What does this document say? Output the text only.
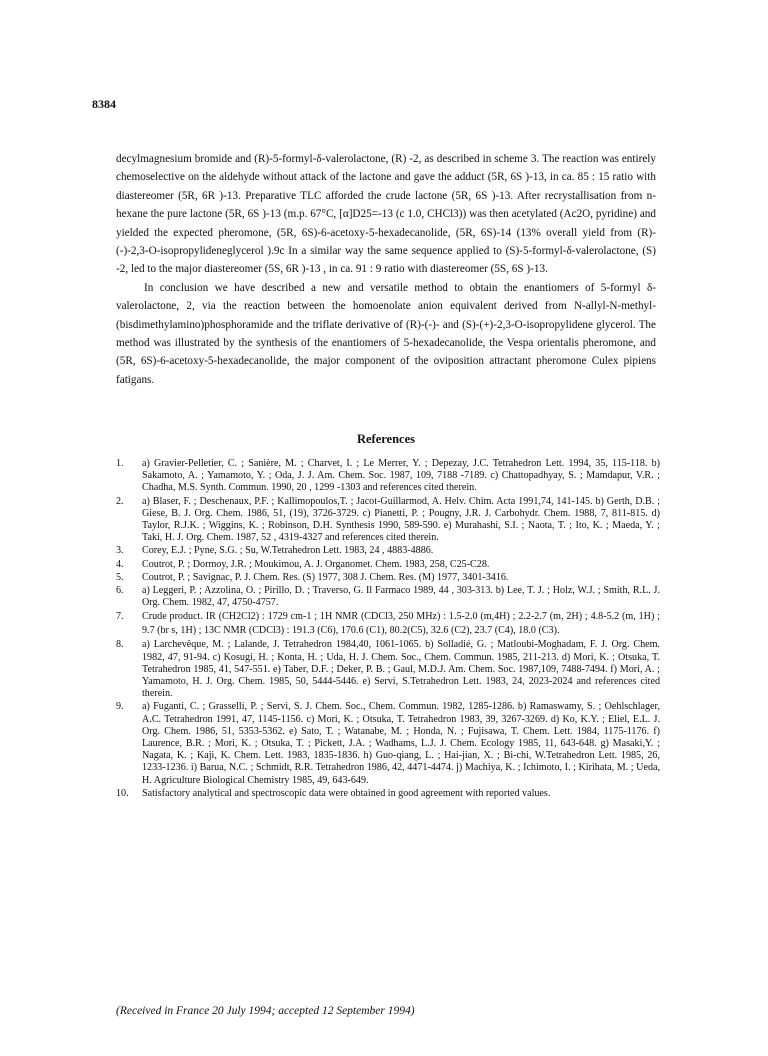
8384

decylmagnesium bromide and (R)-5-formyl-δ-valerolactone, (R) -2, as described in scheme 3. The reaction was entirely chemoselective on the aldehyde without attack of the lactone and gave the adduct (5R, 6S )-13, in ca. 85 : 15 ratio with diastereomer (5R, 6R )-13. Preparative TLC afforded the crude lactone (5R, 6S )-13. After recrystallisation from n-hexane the pure lactone (5R, 6S )-13 (m.p. 67°C, [α]D25=-13 (c 1.0, CHCl3)) was then acetylated (Ac2O, pyridine) and yielded the expected pheromone, (5R, 6S)-6-acetoxy-5-hexadecanolide, (5R, 6S)-14 (13% overall yield from (R)-(-)-2,3-O-isopropylideneglycerol ).9c In a similar way the same sequence applied to (S)-5-formyl-δ-valerolactone, (S) -2, led to the major diastereomer (5S, 6R )-13 , in ca. 91 : 9 ratio with diastereomer (5S, 6S )-13.

In conclusion we have described a new and versatile method to obtain the enantiomers of 5-formyl δ-valerolactone, 2, via the reaction between the homoenolate anion equivalent derived from N-allyl-N-methyl-(bisdimethylamino)phosphoramide and the triflate derivative of (R)-(-)- and (S)-(+)-2,3-O-isopropylidene glycerol. The method was illustrated by the synthesis of the enantiomers of 5-hexadecanolide, the Vespa orientalis pheromone, and (5R, 6S)-6-acetoxy-5-hexadecanolide, the major component of the oviposition attractant pheromone Culex pipiens fatigans.

References
1.	a) Gravier-Pelletier, C. ; Sanière, M. ; Charvet, I. ; Le Merrer, Y. ; Depezay, J.C. Tetrahedron Lett. 1994, 35, 115-118. b) Sakamoto, A. ; Yamamoto, Y. ; Oda, J. J. Am. Chem. Soc. 1987, 109, 7188 -7189. c) Chattopadhyay, S. ; Mamdapur, V.R. ; Chadha, M.S. Synth. Commun. 1990, 20 , 1299 -1303 and references cited therein.
2.	a) Blaser, F. ; Deschenaux, P.F. ; Kallimopoulos,T. ; Jacot-Guillarmod, A. Helv. Chim. Acta 1991,74, 141-145. b) Gerth, D.B. ; Giese, B. J. Org. Chem. 1986, 51, (19), 3726-3729. c) Pianetti, P. ; Pougny, J.R. J. Carbohydr. Chem. 1988, 7, 811-815. d) Taylor, R.J.K. ; Wiggins, K. ; Robinson, D.H. Synthesis 1990, 589-590. e) Murahashi, S.I. ; Naota, T. ; Ito, K. ; Maeda, Y. ; Taki, H. J. Org. Chem. 1987, 52 , 4319-4327 and references cited therein.
3.	Corey, E.J. ; Pyne, S.G. ; Su, W.Tetrahedron Lett. 1983, 24 , 4883-4886.
4.	Coutrot, P. ; Dormoy, J.R. ; Moukimou, A. J. Organomet. Chem. 1983, 258, C25-C28.
5.	Coutrot, P. ; Savignac, P. J. Chem. Res. (S) 1977, 308 J. Chem. Res. (M) 1977, 3401-3416.
6.	a) Leggeri, P. ; Azzolina, O. ; Pirillo, D. ; Traverso, G. Il Farmaco 1989, 44 , 303-313. b) Lee, T. J. ; Holz, W.J. ; Smith, R.L. J. Org. Chem. 1982, 47, 4750-4757.
7.	Crude product. IR (CH2Cl2) : 1729 cm-1 ; 1H NMR (CDCl3, 250 MHz) : 1.5-2.0 (m,4H) ; 2.2-2.7 (m, 2H) ; 4.8-5.2 (m, 1H) ; 9.7 (br s, 1H) ; 13C NMR (CDCl3) : 191.3 (C6), 170.6 (C1), 80.2(C5), 32.6 (C2), 23.7 (C4), 18.0 (C3).
8.	a) Larchevêque, M. ; Lalande, J. Tetrahedron 1984,40, 1061-1065. b) Solladié, G. ; Matloubi-Moghadam, F. J. Org. Chem. 1982, 47, 91-94. c) Kosugi, H. ; Konta, H. ; Uda, H. J. Chem. Soc., Chem. Commun. 1985, 211-213. d) Mori, K. ; Otsuka, T. Tetrahedron 1985, 41, 547-551. e) Taber, D.F. ; Deker, P. B. ; Gaul, M.D.J. Am. Chem. Soc. 1987,109, 7488-7494. f) Mori, A. ; Yamamoto, H. J. Org. Chem. 1985, 50, 5444-5446. e) Servi, S.Tetrahedron Lett. 1983, 24, 2023-2024 and references cited therein.
9.	a) Fuganti, C. ; Grasselli, P. ; Servi, S. J. Chem. Soc., Chem. Commun. 1982, 1285-1286. b) Ramaswamy, S. ; Oehlschlager, A.C. Tetrahedron 1991, 47, 1145-1156. c) Mori, K. ; Otsuka, T. Tetrahedron 1983, 39, 3267-3269. d) Ko, K.Y. ; Eliel, E.L. J. Org. Chem. 1986, 51, 5353-5362. e) Sato, T. ; Watanabe, M. ; Honda, N. ; Fujisawa, T. Chem. Lett. 1984, 1175-1176. f) Laurence, B.R. ; Mori, K. ; Otsuka, T. ; Pickett, J.A. ; Wadhams, L.J. J. Chem. Ecology 1985, 11, 643-648. g) Masaki,Y. ; Nagata, K. ; Kaji, K. Chem. Lett. 1983, 1835-1836. h) Guo-qiang, L. ; Hai-jian, X. ; Bi-chi, W.Tetrahedron Lett. 1985, 26, 1233-1236. i) Barua, N.C. ; Schmidt, R.R. Tetrahedron 1986, 42, 4471-4474. j) Machiya, K. ; Ichimoto, I. ; Kirihata, M. ; Ueda, H. Agriculture Biological Chemistry 1985, 49, 643-649.
10.	Satisfactory analytical and spectroscopic data were obtained in good agreement with reported values.
(Received in France 20 July 1994; accepted 12 September 1994)
